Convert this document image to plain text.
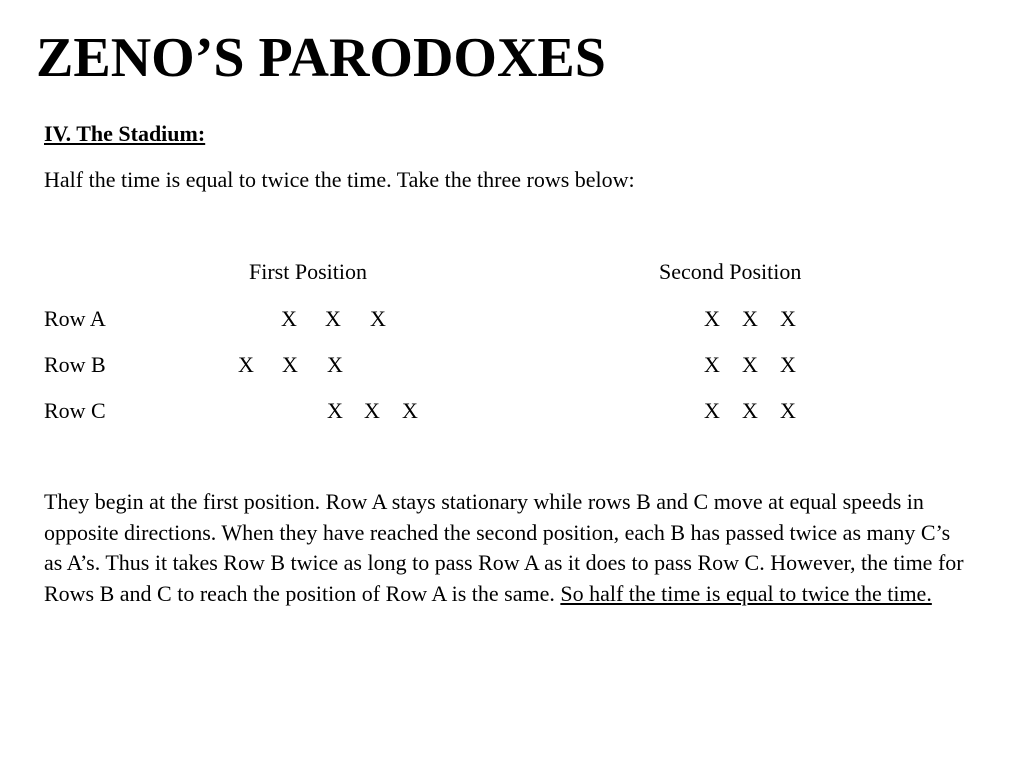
ZENO’S PARODOXES
IV. The Stadium:
Half the time is equal to twice the time. Take the three rows below:
First Position	Second Position
Row A	X X X	X X X
Row B	X X X	X X X
Row C	X X X	X X X
They begin at the first position. Row A stays stationary while rows B and C move at equal speeds in opposite directions. When they have reached the second position, each B has passed twice as many C’s as A’s. Thus it takes Row B twice as long to pass Row A as it does to pass Row C. However, the time for Rows B and C to reach the position of Row A is the same. So half the time is equal to twice the time.
